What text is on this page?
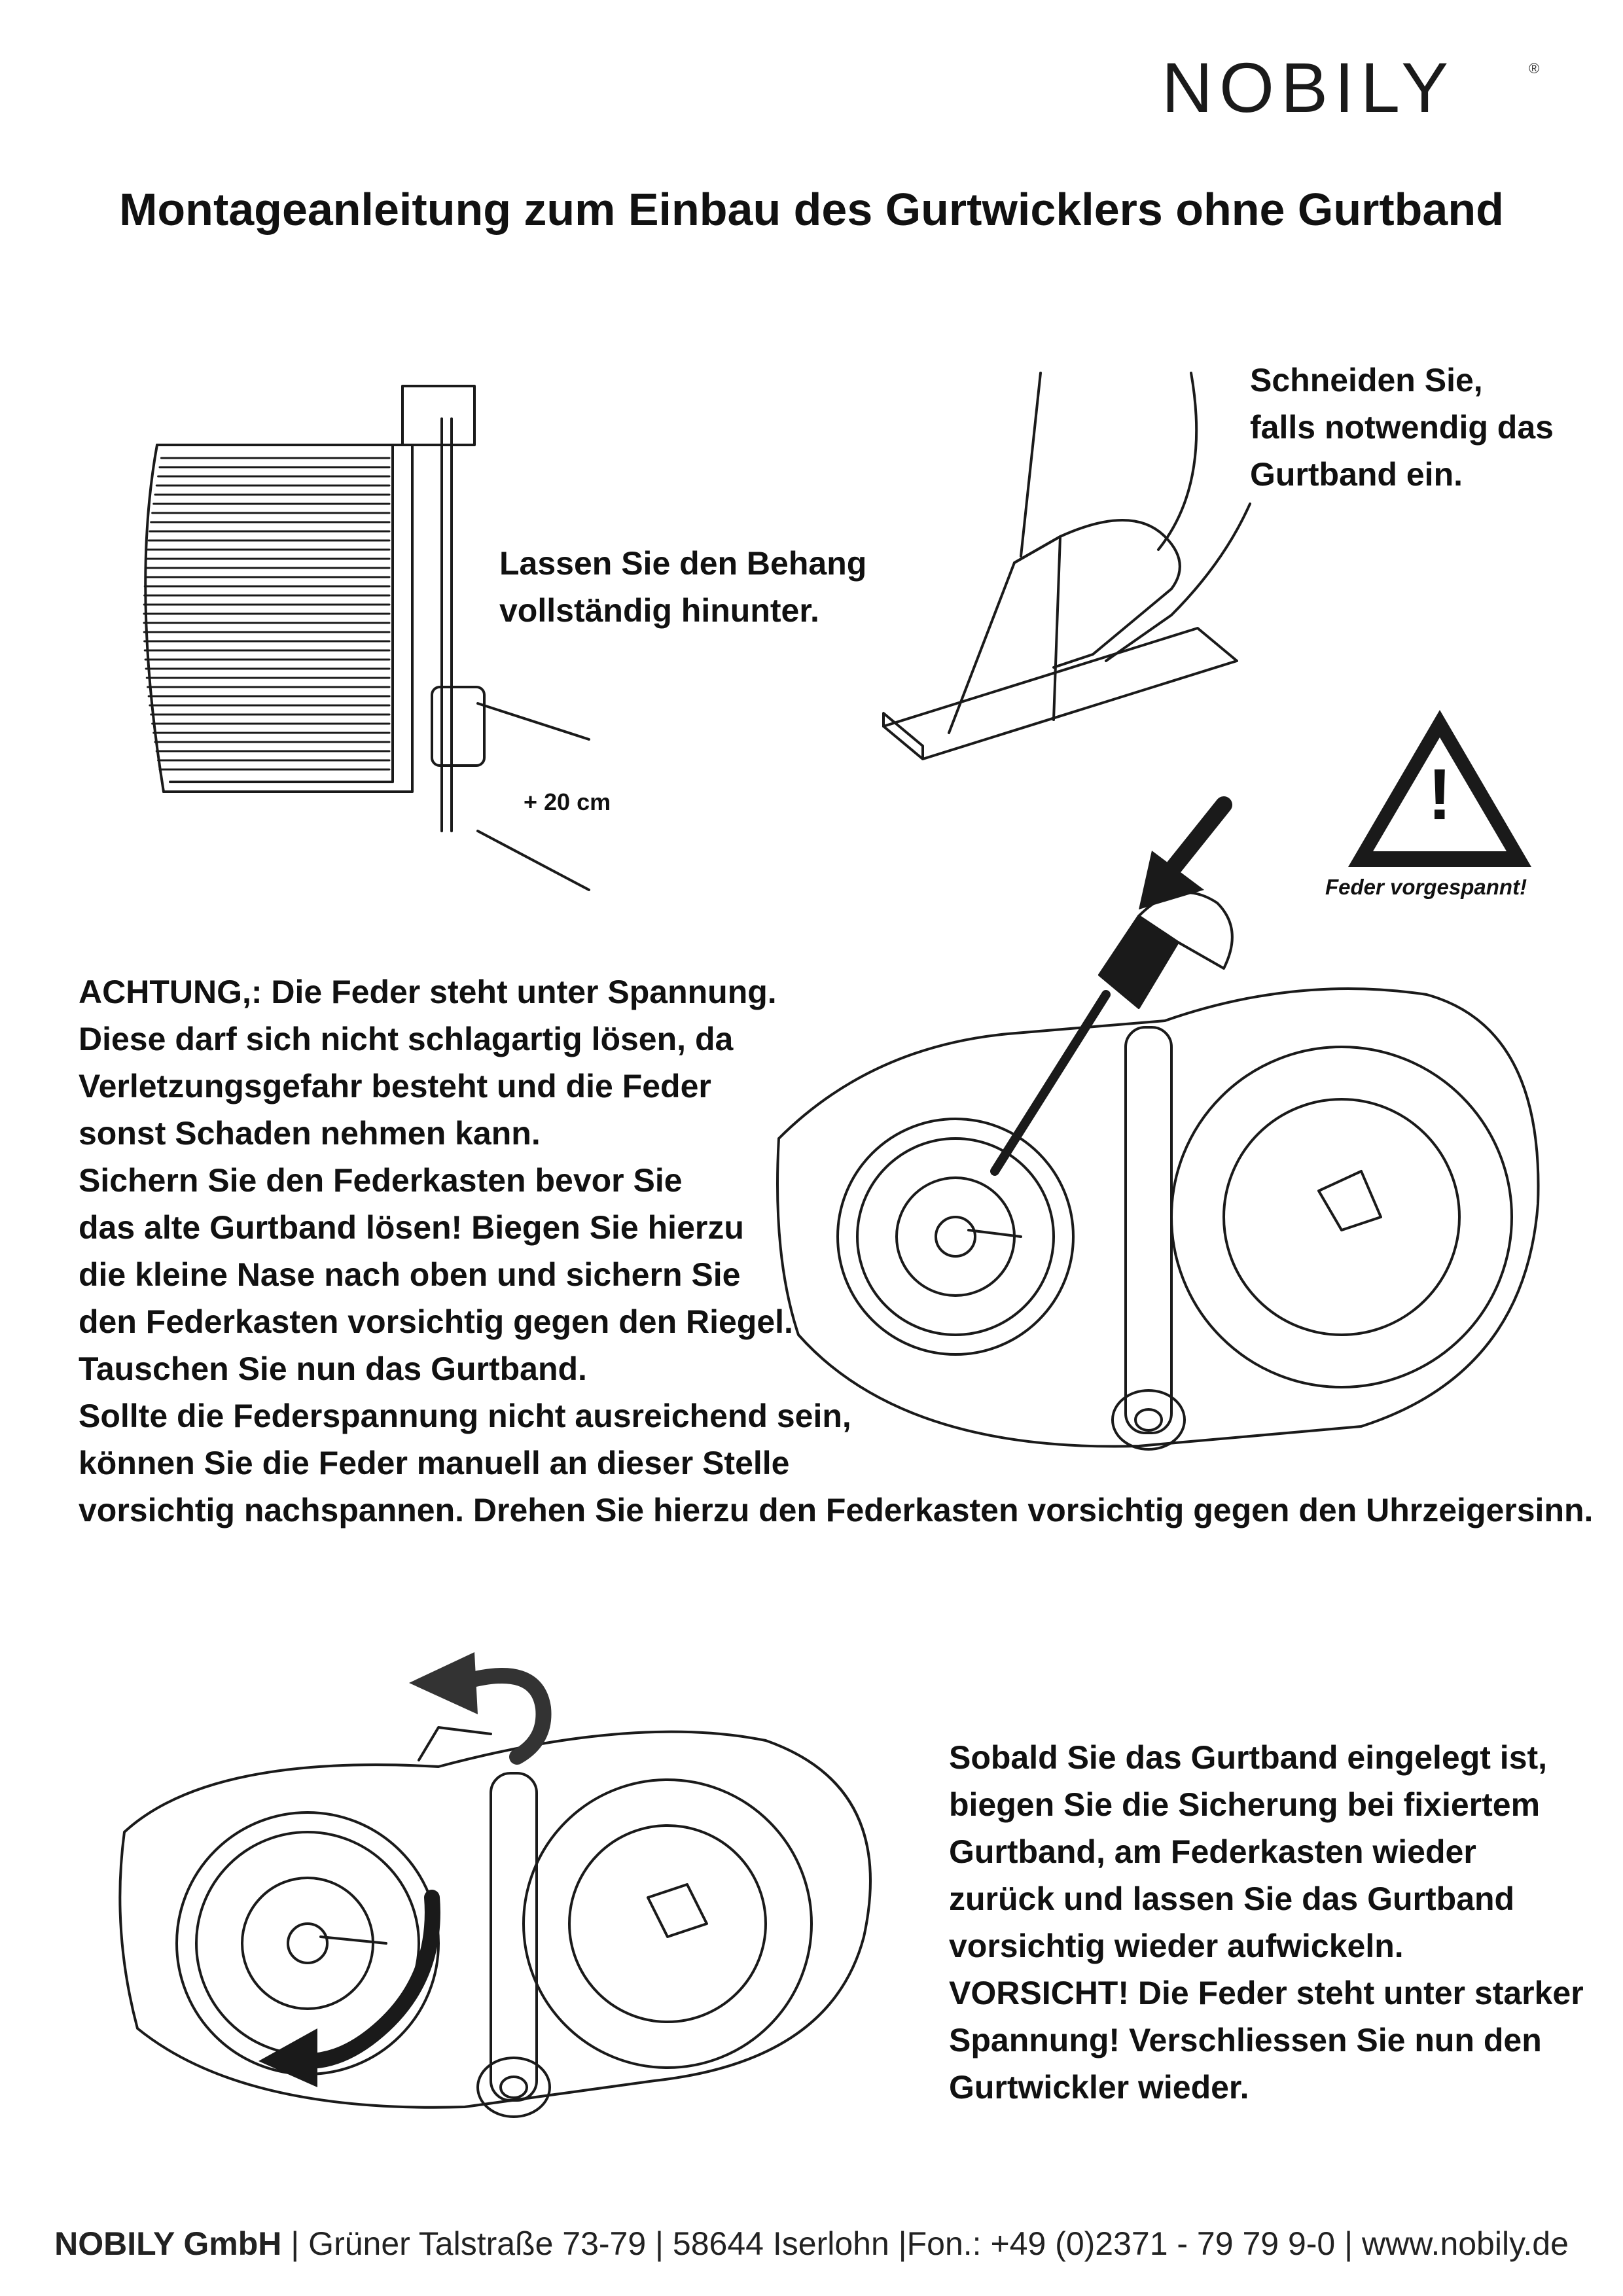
NOBILY	®
Montageanleitung zum Einbau des Gurtwicklers ohne Gurtband
Lassen Sie den Behang
vollständig hinunter.
+ 20 cm
Schneiden Sie,
falls notwendig das
Gurtband ein.
!
Feder vorgespannt!
ACHTUNG,: Die Feder steht unter Spannung.
Diese darf sich nicht schlagartig lösen, da
Verletzungsgefahr besteht und die Feder
sonst Schaden nehmen kann.
Sichern Sie den Federkasten bevor Sie
das alte Gurtband lösen! Biegen Sie hierzu
die kleine Nase nach oben und sichern Sie
den Federkasten vorsichtig gegen den Riegel.
Tauschen Sie nun das Gurtband.
Sollte die Federspannung nicht ausreichend sein,
können Sie die Feder manuell an dieser Stelle
vorsichtig nachspannen. Drehen Sie hierzu den Federkasten vorsichtig gegen den Uhrzeigersinn.
Sobald Sie das Gurtband eingelegt ist,
biegen Sie die Sicherung bei fixiertem
Gurtband, am Federkasten wieder
zurück und lassen Sie das Gurtband
vorsichtig wieder aufwickeln.
VORSICHT! Die Feder steht unter starker
Spannung! Verschliessen Sie nun den
Gurtwickler wieder.
NOBILY GmbH | Grüner Talstraße 73-79 | 58644 Iserlohn |Fon.: +49 (0)2371 - 79 79 9-0 | www.nobily.de
